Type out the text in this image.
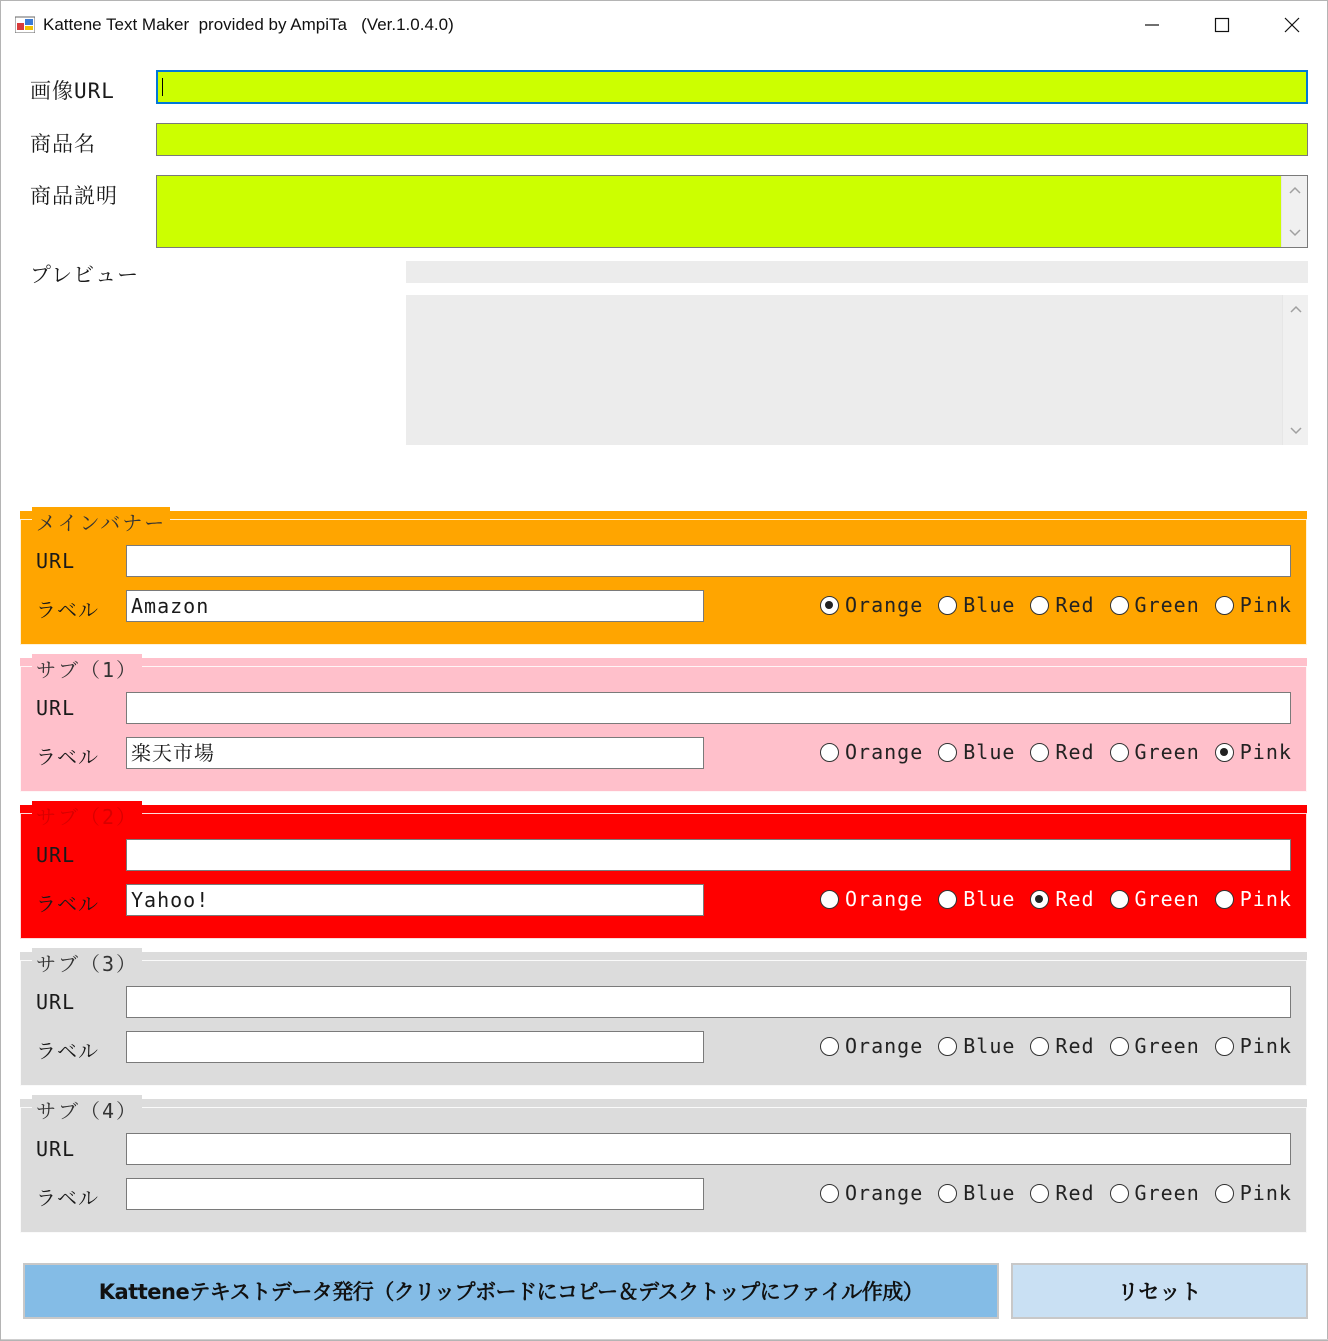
Kattene Text Maker  provided by AmpiTa   (Ver.1.0.4.0)
画像URL
商品名
商品説明
プレビュー
メインバナー
URL
ラベル Amazon	Orange Blue Red Green Pink
サブ（1）
URL
ラベル 楽天市場	Orange Blue Red Green Pink
サブ（2）
URL
ラベル Yahoo!	Orange Blue Red Green Pink
サブ（3）
URL
ラベル	Orange Blue Red Green Pink
サブ（4）
URL
ラベル	Orange Blue Red Green Pink
Katteneテキストデータ発行（クリップボードにコピー＆デスクトップにファイル作成）	リセット
